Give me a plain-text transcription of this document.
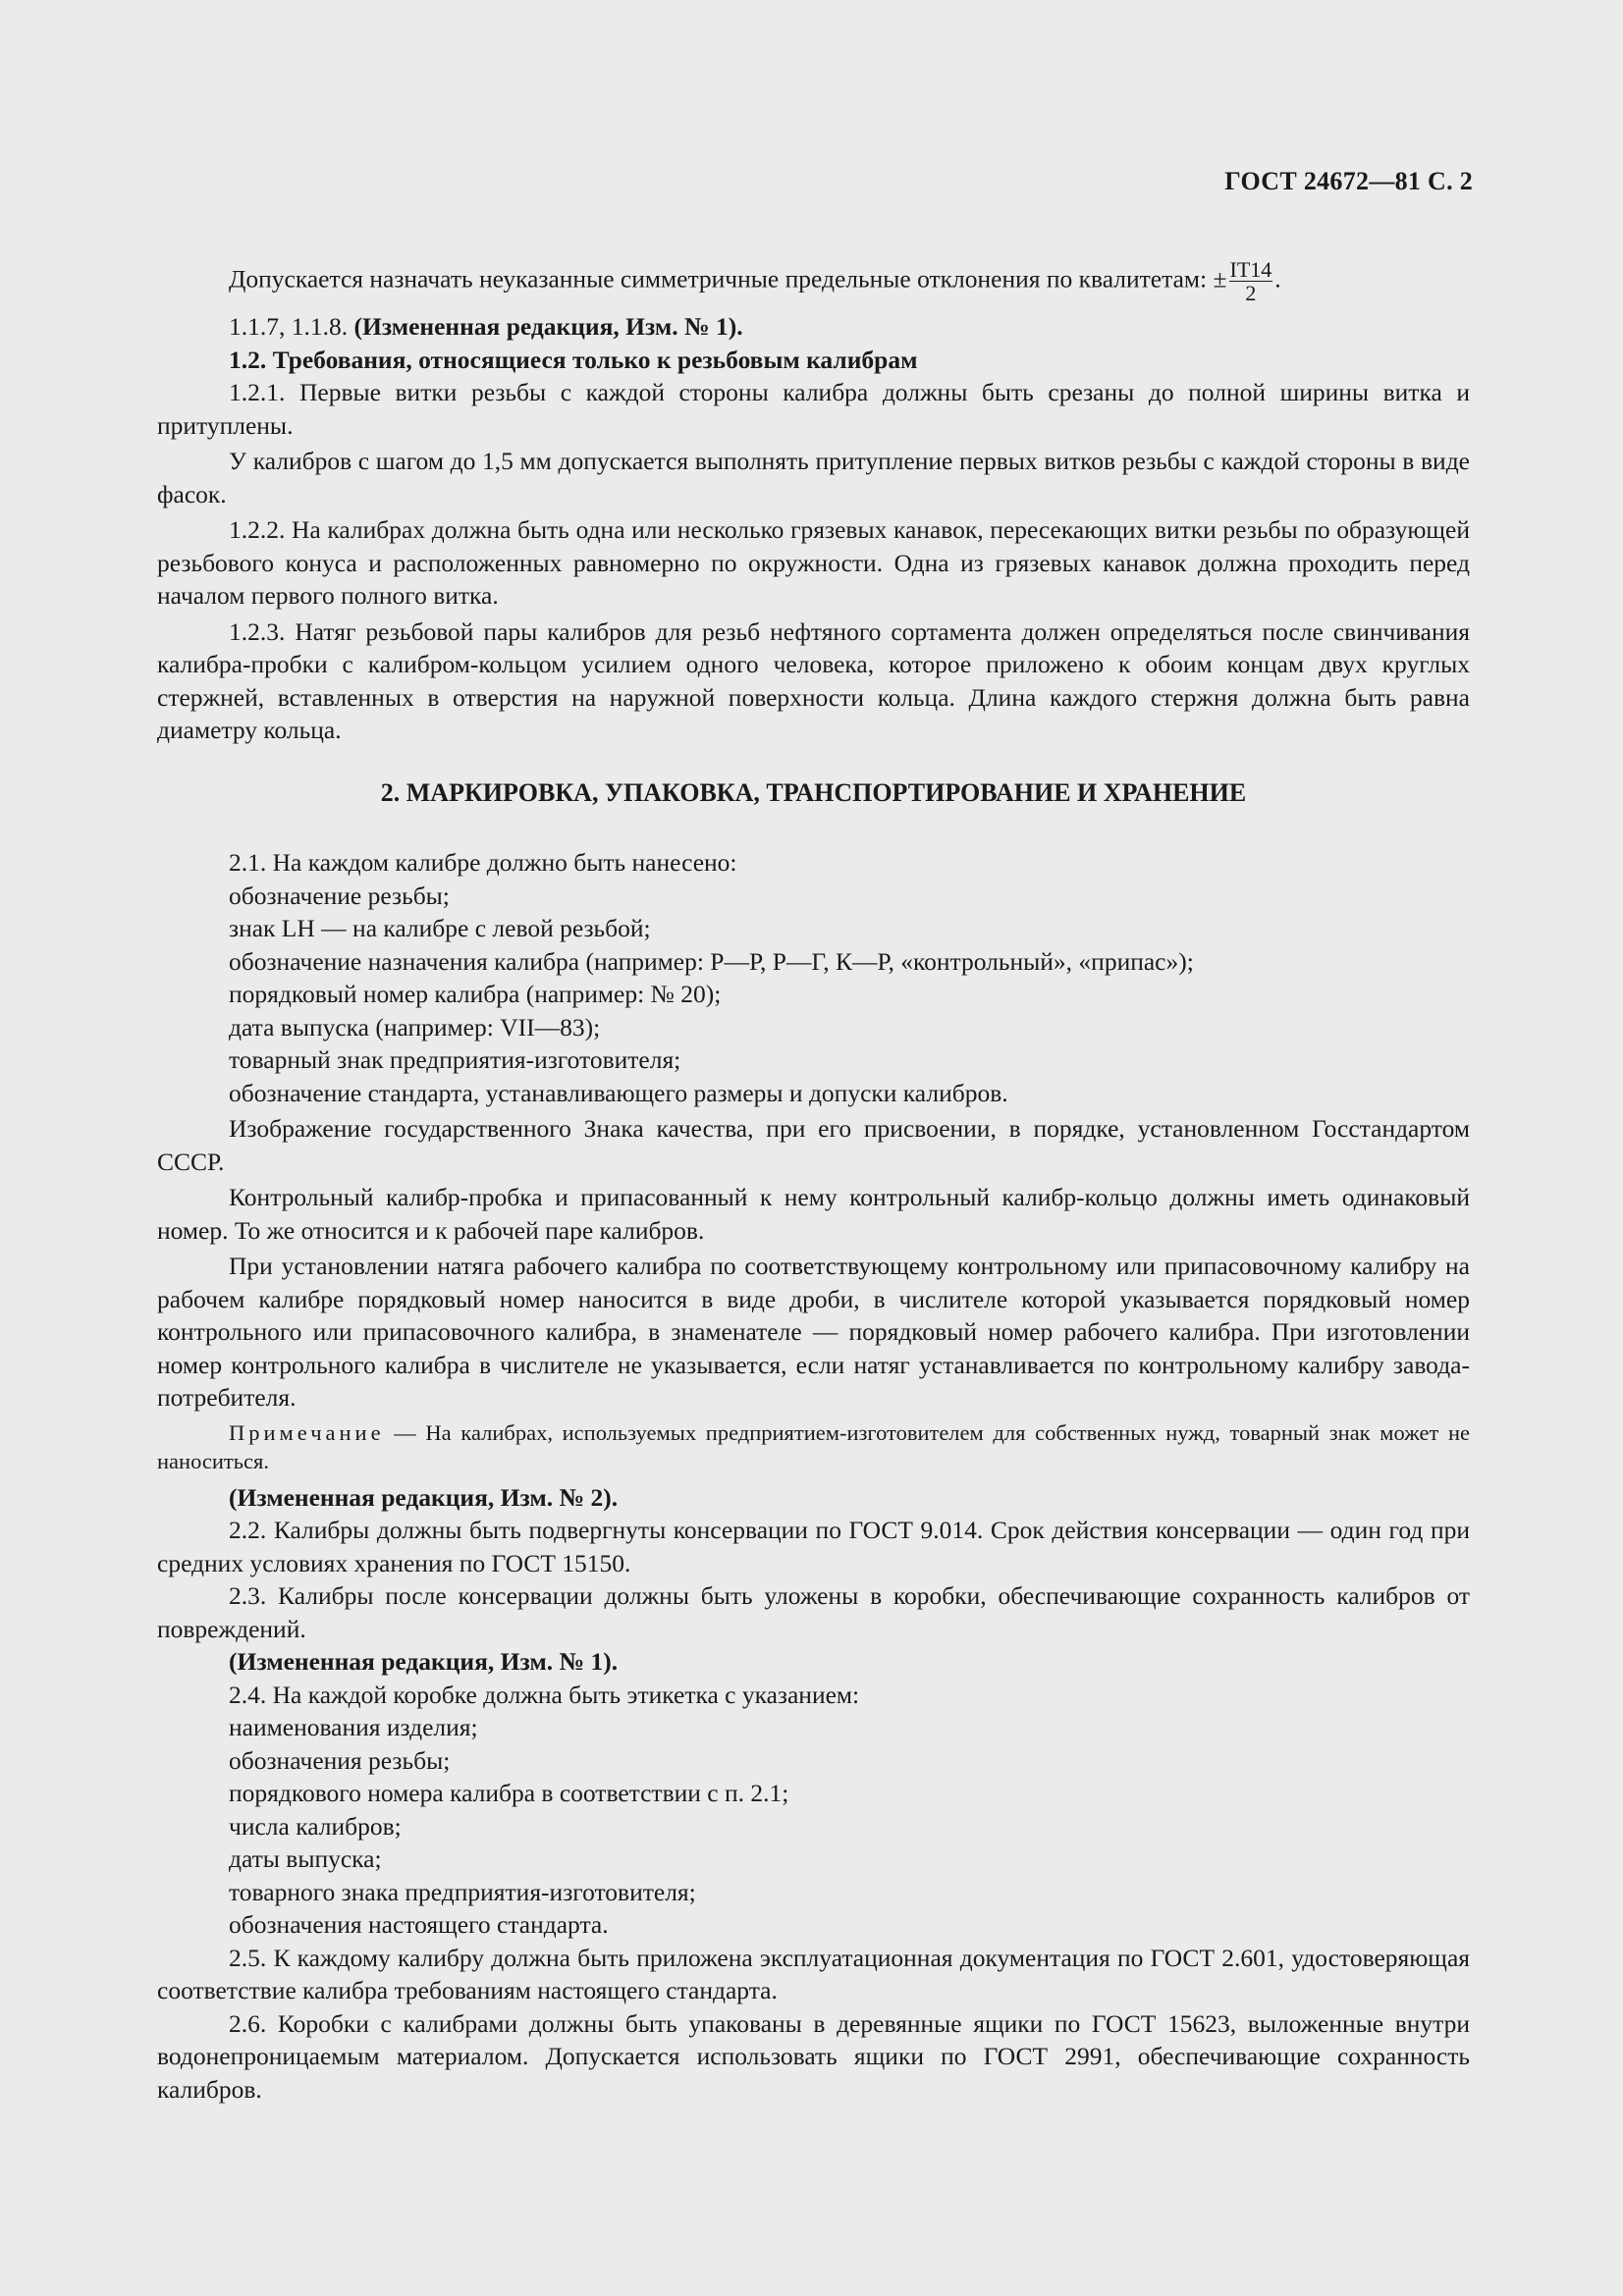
ГОСТ 24672—81 С. 2

Допускается назначать неуказанные симметричные предельные отклонения по квалитетам: ± $\frac{IT14}{2}$ .

1.1.7, 1.1.8. (Измененная редакция, Изм. № 1).

1.2. Требования, относящиеся только к резьбовым калибрам

1.2.1. Первые витки резьбы с каждой стороны калибра должны быть срезаны до полной ширины витка и притуплены.

У калибров с шагом до 1,5 мм допускается выполнять притупление первых витков резьбы с каждой стороны в виде фасок.

1.2.2. На калибрах должна быть одна или несколько грязевых канавок, пересекающих витки резьбы по образующей резьбового конуса и расположенных равномерно по окружности. Одна из грязевых канавок должна проходить перед началом первого полного витка.

1.2.3. Натяг резьбовой пары калибров для резьб нефтяного сортамента должен определяться после свинчивания калибра-пробки с калибром-кольцом усилием одного человека, которое приложено к обоим концам двух круглых стержней, вставленных в отверстия на наружной поверхности кольца. Длина каждого стержня должна быть равна диаметру кольца.

2. МАРКИРОВКА, УПАКОВКА, ТРАНСПОРТИРОВАНИЕ И ХРАНЕНИЕ

2.1. На каждом калибре должно быть нанесено:

обозначение резьбы;

знак LH — на калибре с левой резьбой;

обозначение назначения калибра (например: Р—Р, Р—Г, К—Р, «контрольный», «припас»);

порядковый номер калибра (например: № 20);

дата выпуска (например: VII—83);

товарный знак предприятия-изготовителя;

обозначение стандарта, устанавливающего размеры и допуски калибров.

Изображение государственного Знака качества, при его присвоении, в порядке, установленном Госстандартом СССР.

Контрольный калибр-пробка и припасованный к нему контрольный калибр-кольцо должны иметь одинаковый номер. То же относится и к рабочей паре калибров.

При установлении натяга рабочего калибра по соответствующему контрольному или припасовочному калибру на рабочем калибре порядковый номер наносится в виде дроби, в числителе которой указывается порядковый номер контрольного или припасовочного калибра, в знаменателе — порядковый номер рабочего калибра. При изготовлении номер контрольного калибра в числителе не указывается, если натяг устанавливается по контрольному калибру завода-потребителя.

Примечание — На калибрах, используемых предприятием-изготовителем для собственных нужд, товарный знак может не наноситься.

(Измененная редакция, Изм. № 2).

2.2. Калибры должны быть подвергнуты консервации по ГОСТ 9.014. Срок действия консервации — один год при средних условиях хранения по ГОСТ 15150.

2.3. Калибры после консервации должны быть уложены в коробки, обеспечивающие сохранность калибров от повреждений.

(Измененная редакция, Изм. № 1).

2.4. На каждой коробке должна быть этикетка с указанием:

наименования изделия;

обозначения резьбы;

порядкового номера калибра в соответствии с п. 2.1;

числа калибров;

даты выпуска;

товарного знака предприятия-изготовителя;

обозначения настоящего стандарта.

2.5. К каждому калибру должна быть приложена эксплуатационная документация по ГОСТ 2.601, удостоверяющая соответствие калибра требованиям настоящего стандарта.

2.6. Коробки с калибрами должны быть упакованы в деревянные ящики по ГОСТ 15623, выложенные внутри водонепроницаемым материалом. Допускается использовать ящики по ГОСТ 2991, обеспечивающие сохранность калибров.
